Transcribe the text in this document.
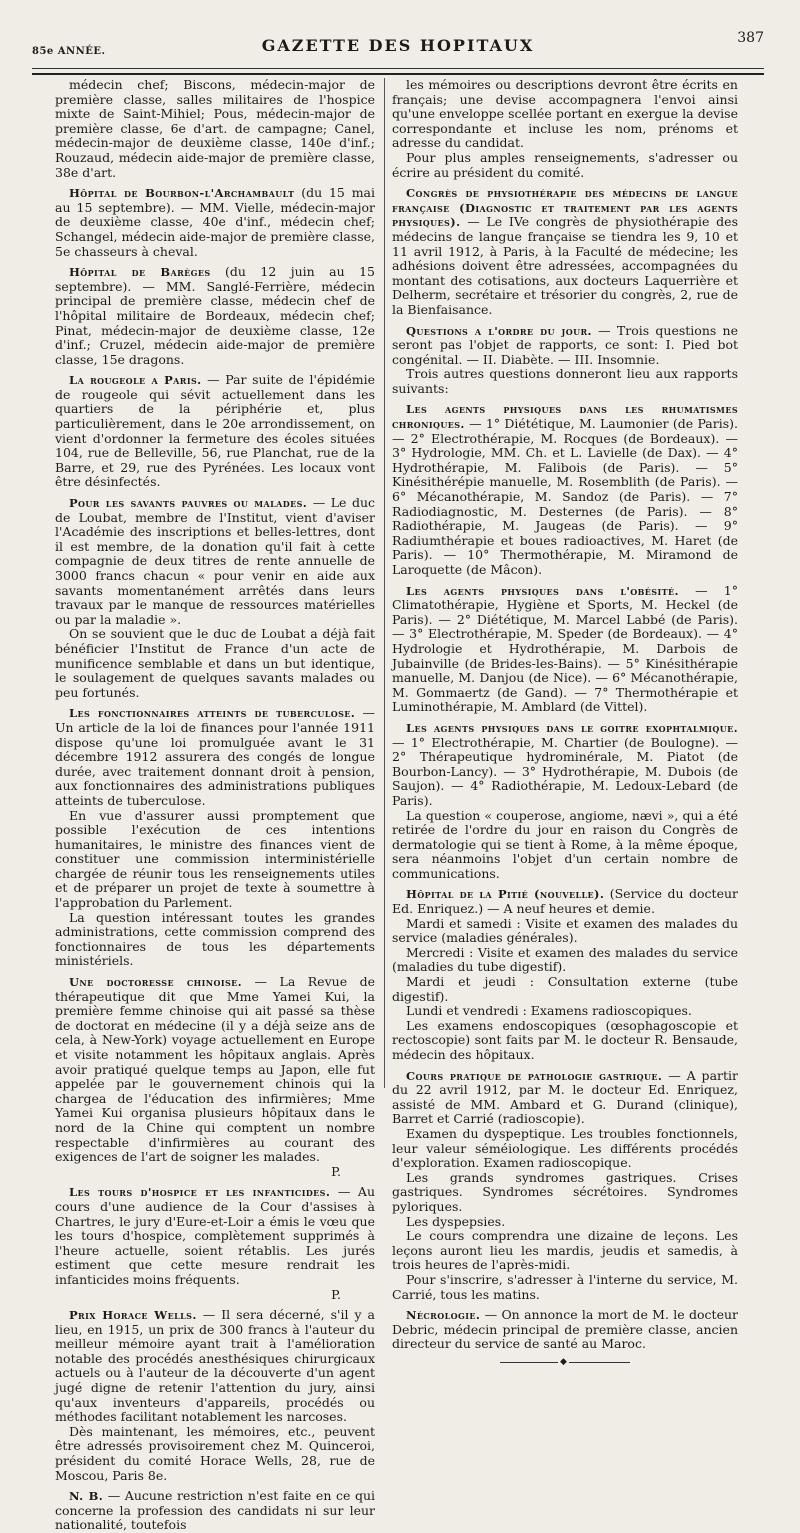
85e ANNÉE.	GAZETTE DES HOPITAUX	387

médecin chef; Biscons, médecin-major de première classe, salles militaires de l'hospice mixte de Saint-Mihiel; Pous, médecin-major de première classe, 6e d'art. de campagne; Canel, médecin-major de deuxième classe, 140e d'inf.; Rouzaud, médecin aide-major de première classe, 38e d'art.

Hôpital de Bourbon-l'Archambault (du 15 mai au 15 septembre). — MM. Vielle, médecin-major de deuxième classe, 40e d'inf., médecin chef; Schangel, médecin aide-major de première classe, 5e chasseurs à cheval.

Hôpital de Barèges (du 12 juin au 15 septembre). — MM. Sanglé-Ferrière, médecin principal de première classe, médecin chef de l'hôpital militaire de Bordeaux, médecin chef; Pinat, médecin-major de deuxième classe, 12e d'inf.; Cruzel, médecin aide-major de première classe, 15e dragons.

La rougeole a Paris. — Par suite de l'épidémie de rougeole qui sévit actuellement dans les quartiers de la périphérie et, plus particulièrement, dans le 20e arrondissement, on vient d'ordonner la fermeture des écoles situées 104, rue de Belleville, 56, rue Planchat, rue de la Barre, et 29, rue des Pyrénées. Les locaux vont être désinfectés.

Pour les savants pauvres ou malades. — Le duc de Loubat, membre de l'Institut, vient d'aviser l'Académie des inscriptions et belles-lettres, dont il est membre, de la donation qu'il fait à cette compagnie de deux titres de rente annuelle de 3000 francs chacun « pour venir en aide aux savants momentanément arrêtés dans leurs travaux par le manque de ressources matérielles ou par la maladie ».

On se souvient que le duc de Loubat a déjà fait bénéficier l'Institut de France d'un acte de munificence semblable et dans un but identique, le soulagement de quelques savants malades ou peu fortunés.

Les fonctionnaires atteints de tuberculose. — Un article de la loi de finances pour l'année 1911 dispose qu'une loi promulguée avant le 31 décembre 1912 assurera des congés de longue durée, avec traitement donnant droit à pension, aux fonctionnaires des administrations publiques atteints de tuberculose.

En vue d'assurer aussi promptement que possible l'exécution de ces intentions humanitaires, le ministre des finances vient de constituer une commission interministérielle chargée de réunir tous les renseignements utiles et de préparer un projet de texte à soumettre à l'approbation du Parlement.

La question intéressant toutes les grandes administrations, cette commission comprend des fonctionnaires de tous les départements ministériels.

Une doctoresse chinoise. — La Revue de thérapeutique dit que Mme Yamei Kui, la première femme chinoise qui ait passé sa thèse de doctorat en médecine (il y a déjà seize ans de cela, à New-York) voyage actuellement en Europe et visite notamment les hôpitaux anglais. Après avoir pratiqué quelque temps au Japon, elle fut appelée par le gouvernement chinois qui la chargea de l'éducation des infirmières; Mme Yamei Kui organisa plusieurs hôpitaux dans le nord de la Chine qui comptent un nombre respectable d'infirmières au courant des exigences de l'art de soigner les malades.

P.

Les tours d'hospice et les infanticides. — Au cours d'une audience de la Cour d'assises à Chartres, le jury d'Eure-et-Loir a émis le vœu que les tours d'hospice, complètement supprimés à l'heure actuelle, soient rétablis. Les jurés estiment que cette mesure rendrait les infanticides moins fréquents.

P.

Prix Horace Wells. — Il sera décerné, s'il y a lieu, en 1915, un prix de 300 francs à l'auteur du meilleur mémoire ayant trait à l'amélioration notable des procédés anesthésiques chirurgicaux actuels ou à l'auteur de la découverte d'un agent jugé digne de retenir l'attention du jury, ainsi qu'aux inventeurs d'appareils, procédés ou méthodes facilitant notablement les narcoses.

Dès maintenant, les mémoires, etc., peuvent être adressés provisoirement chez M. Quinceroi, président du comité Horace Wells, 28, rue de Moscou, Paris 8e.

N. B. — Aucune restriction n'est faite en ce qui concerne la profession des candidats ni sur leur nationalité, toutefois

les mémoires ou descriptions devront être écrits en français; une devise accompagnera l'envoi ainsi qu'une enveloppe scellée portant en exergue la devise correspondante et incluse les nom, prénoms et adresse du candidat.

Pour plus amples renseignements, s'adresser ou écrire au président du comité.

Congrès de physiothérapie des médecins de langue française (Diagnostic et traitement par les agents physiques). — Le IVe congrès de physiothérapie des médecins de langue française se tiendra les 9, 10 et 11 avril 1912, à Paris, à la Faculté de médecine; les adhésions doivent être adressées, accompagnées du montant des cotisations, aux docteurs Laquerrière et Delherm, secrétaire et trésorier du congrès, 2, rue de la Bienfaisance.

Questions a l'ordre du jour. — Trois questions ne seront pas l'objet de rapports, ce sont: I. Pied bot congénital. — II. Diabète. — III. Insomnie.

Trois autres questions donneront lieu aux rapports suivants:

Les agents physiques dans les rhumatismes chroniques. — 1° Diététique, M. Laumonier (de Paris). — 2° Electrothérapie, M. Rocques (de Bordeaux). — 3° Hydrologie, MM. Ch. et L. Lavielle (de Dax). — 4° Hydrothérapie, M. Falibois (de Paris). — 5° Kinésithérépie manuelle, M. Rosemblith (de Paris). — 6° Mécanothérapie, M. Sandoz (de Paris). — 7° Radiodiagnostic, M. Desternes (de Paris). — 8° Radiothérapie, M. Jaugeas (de Paris). — 9° Radiumthérapie et boues radioactives, M. Haret (de Paris). — 10° Thermothérapie, M. Miramond de Laroquette (de Mâcon).

Les agents physiques dans l'obésité. — 1° Climatothérapie, Hygiène et Sports, M. Heckel (de Paris). — 2° Diététique, M. Marcel Labbé (de Paris). — 3° Electrothérapie, M. Speder (de Bordeaux). — 4° Hydrologie et Hydrothérapie, M. Darbois de Jubainville (de Brides-les-Bains). — 5° Kinésithérapie manuelle, M. Danjou (de Nice). — 6° Mécanothérapie, M. Gommaertz (de Gand). — 7° Thermothérapie et Luminothérapie, M. Amblard (de Vittel).

Les agents physiques dans le goitre exophtalmique. — 1° Electrothérapie, M. Chartier (de Boulogne). — 2° Thérapeutique hydrominérale, M. Piatot (de Bourbon-Lancy). — 3° Hydrothérapie, M. Dubois (de Saujon). — 4° Radiothérapie, M. Ledoux-Lebard (de Paris).

La question « couperose, angiome, nævi », qui a été retirée de l'ordre du jour en raison du Congrès de dermatologie qui se tient à Rome, à la même époque, sera néanmoins l'objet d'un certain nombre de communications.

Hôpital de la Pitié (nouvelle). (Service du docteur Ed. Enriquez.) — A neuf heures et demie.

Mardi et samedi : Visite et examen des malades du service (maladies générales).

Mercredi : Visite et examen des malades du service (maladies du tube digestif).

Mardi et jeudi : Consultation externe (tube digestif).

Lundi et vendredi : Examens radioscopiques.

Les examens endoscopiques (œsophagoscopie et rectoscopie) sont faits par M. le docteur R. Bensaude, médecin des hôpitaux.

Cours pratique de pathologie gastrique. — A partir du 22 avril 1912, par M. le docteur Ed. Enriquez, assisté de MM. Ambard et G. Durand (clinique), Barret et Carrié (radioscopie).

Examen du dyspeptique. Les troubles fonctionnels, leur valeur séméiologique. Les différents procédés d'exploration. Examen radioscopique.

Les grands syndromes gastriques. Crises gastriques. Syndromes sécrétoires. Syndromes pyloriques.

Les dyspepsies.

Le cours comprendra une dizaine de leçons. Les leçons auront lieu les mardis, jeudis et samedis, à trois heures de l'après-midi.

Pour s'inscrire, s'adresser à l'interne du service, M. Carrié, tous les matins.

Nécrologie. — On annonce la mort de M. le docteur Debric, médecin principal de première classe, ancien directeur du service de santé au Maroc.

◆
